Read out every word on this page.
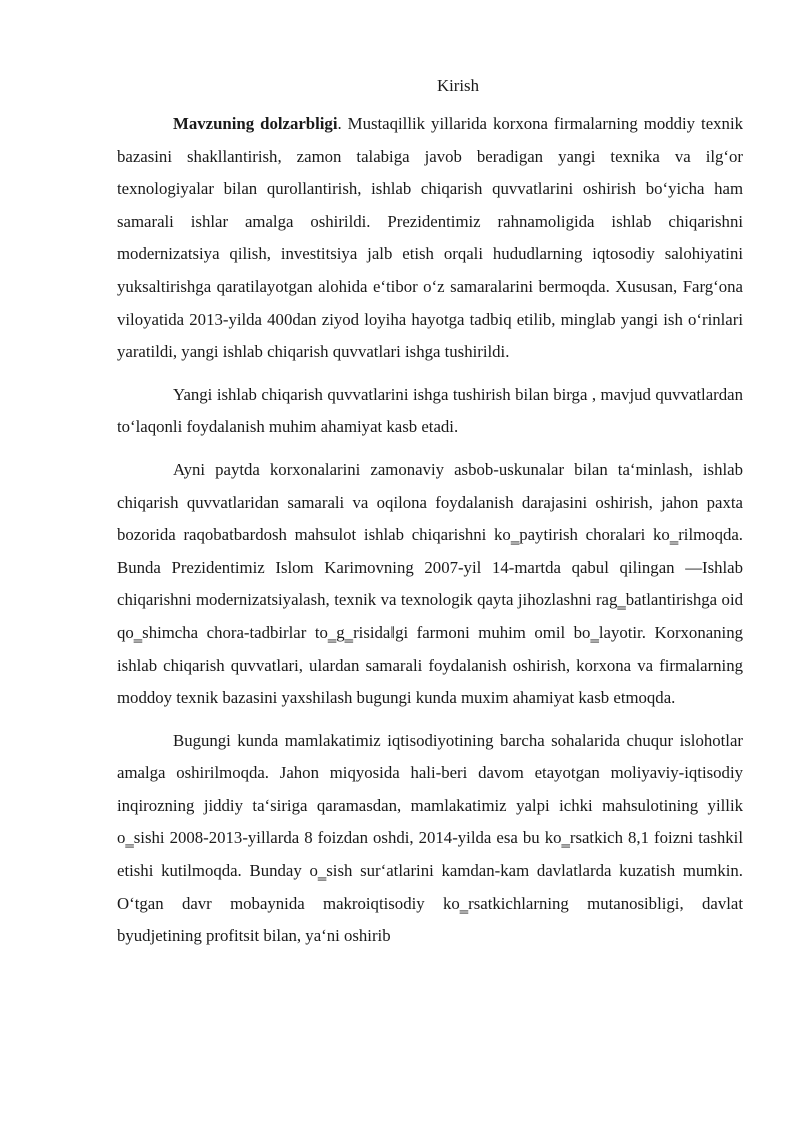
Kirish

Mavzuning dolzarbligi. Mustaqillik yillarida korxona firmalarning moddiy texnik bazasini shakllantirish, zamon talabiga javob beradigan yangi texnika va ilg‘or texnologiyalar bilan qurollantirish, ishlab chiqarish quvvatlarini oshirish bo‘yicha ham samarali ishlar amalga oshirildi. Prezidentimiz rahnamoligida ishlab chiqarishni modernizatsiya qilish, investitsiya jalb etish orqali hududlarning iqtosodiy salohiyatini yuksaltirishga qaratilayotgan alohida e‘tibor o‘z samaralarini bermoqda. Xususan, Farg‘ona viloyatida 2013-yilda 400dan ziyod loyiha hayotga tadbiq etilib, minglab yangi ish o‘rinlari yaratildi, yangi ishlab chiqarish quvvatlari ishga tushirildi.

Yangi ishlab chiqarish quvvatlarini ishga tushirish bilan birga , mavjud quvvatlardan to‘laqonli foydalanish muhim ahamiyat kasb etadi.

Ayni paytda korxonalarini zamonaviy asbob-uskunalar bilan ta‘minlash, ishlab chiqarish quvvatlaridan samarali va oqilona foydalanish darajasini oshirish, jahon paxta bozorida raqobatbardosh mahsulot ishlab chiqarishni ko‗paytirish choralari ko‗rilmoqda. Bunda Prezidentimiz Islom Karimovning 2007-yil 14-martda qabul qilingan ―Ishlab chiqarishni modernizatsiyalash, texnik va texnologik qayta jihozlashni rag‗batlantirishga oid qo‗shimcha chora-tadbirlar to‗g‗risida‖gi farmoni muhim omil bo‗layotir. Korxonaning ishlab chiqarish quvvatlari, ulardan samarali foydalanish oshirish, korxona va firmalarning moddoy texnik bazasini yaxshilash bugungi kunda muxim ahamiyat kasb etmoqda.

Bugungi kunda mamlakatimiz iqtisodiyotining barcha sohalarida chuqur islohotlar amalga oshirilmoqda. Jahon miqyosida hali-beri davom etayotgan moliyaviy-iqtisodiy inqirozning jiddiy ta‘siriga qaramasdan, mamlakatimiz yalpi ichki mahsulotining yillik o‗sishi 2008-2013-yillarda 8 foizdan oshdi, 2014-yilda esa bu ko‗rsatkich 8,1 foizni tashkil etishi kutilmoqda. Bunday o‗sish sur‘atlarini kamdan-kam davlatlarda kuzatish mumkin. O‘tgan davr mobaynida makroiqtisodiy ko‗rsatkichlarning mutanosibligi, davlat byudjetining profitsit bilan, ya‘ni oshirib
